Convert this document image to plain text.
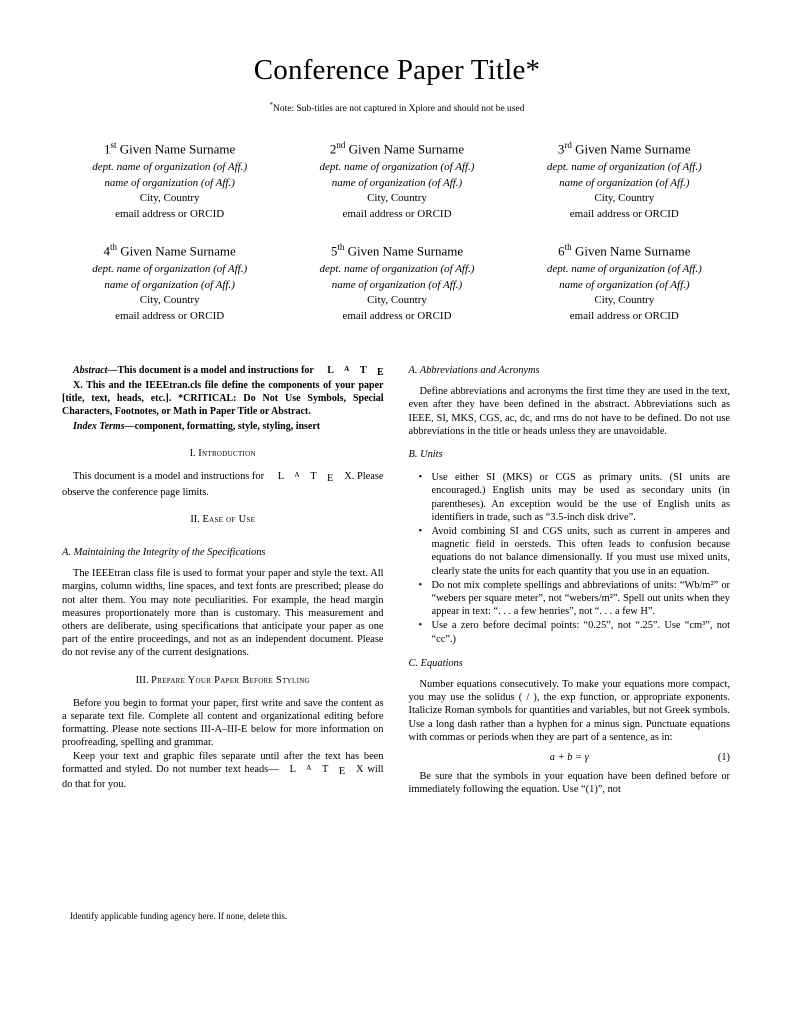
Conference Paper Title*
*Note: Sub-titles are not captured in Xplore and should not be used
1st Given Name Surname
dept. name of organization (of Aff.)
name of organization (of Aff.)
City, Country
email address or ORCID
2nd Given Name Surname
dept. name of organization (of Aff.)
name of organization (of Aff.)
City, Country
email address or ORCID
3rd Given Name Surname
dept. name of organization (of Aff.)
name of organization (of Aff.)
City, Country
email address or ORCID
4th Given Name Surname
dept. name of organization (of Aff.)
name of organization (of Aff.)
City, Country
email address or ORCID
5th Given Name Surname
dept. name of organization (of Aff.)
name of organization (of Aff.)
City, Country
email address or ORCID
6th Given Name Surname
dept. name of organization (of Aff.)
name of organization (of Aff.)
City, Country
email address or ORCID

Abstract—This document is a model and instructions for L A T EX. This and the IEEEtran.cls file define the components of your paper [title, text, heads, etc.]. *CRITICAL: Do Not Use Symbols, Special Characters, Footnotes, or Math in Paper Title or Abstract.

Index Terms—component, formatting, style, styling, insert

I. Introduction

This document is a model and instructions for L A T E X. Please observe the conference page limits.

II. Ease of Use
A. Maintaining the Integrity of the Specifications

The IEEEtran class file is used to format your paper and style the text. All margins, column widths, line spaces, and text fonts are prescribed; please do not alter them. You may note peculiarities. For example, the head margin measures proportionately more than is customary. This measurement and others are deliberate, using specifications that anticipate your paper as one part of the entire proceedings, and not as an independent document. Please do not revise any of the current designations.

III. Prepare Your Paper Before Styling

Before you begin to format your paper, first write and save the content as a separate text file. Complete all content and organizational editing before formatting. Please note sections III-A–III-E below for more information on proofreading, spelling and grammar.

Keep your text and graphic files separate until after the text has been formatted and styled. Do not number text heads— L A T E X will do that for you.

Identify applicable funding agency here. If none, delete this.

A. Abbreviations and Acronyms

Define abbreviations and acronyms the first time they are used in the text, even after they have been defined in the abstract. Abbreviations such as IEEE, SI, MKS, CGS, ac, dc, and rms do not have to be defined. Do not use abbreviations in the title or heads unless they are unavoidable.

B. Units
• Use either SI (MKS) or CGS as primary units. (SI units are encouraged.) English units may be used as secondary units (in parentheses). An exception would be the use of English units as identifiers in trade, such as “3.5-inch disk drive”.
• Avoid combining SI and CGS units, such as current in amperes and magnetic field in oersteds. This often leads to confusion because equations do not balance dimensionally. If you must use mixed units, clearly state the units for each quantity that you use in an equation.
• Do not mix complete spellings and abbreviations of units: “Wb/m²” or “webers per square meter”, not “webers/m²”. Spell out units when they appear in text: “. . . a few henries”, not “. . . a few H”.
• Use a zero before decimal points: “0.25”, not “.25”. Use “cm³”, not “cc”.)
C. Equations

Number equations consecutively. To make your equations more compact, you may use the solidus ( / ), the exp function, or appropriate exponents. Italicize Roman symbols for quantities and variables, but not Greek symbols. Use a long dash rather than a hyphen for a minus sign. Punctuate equations with commas or periods when they are part of a sentence, as in:

a + b = γ	(1)

Be sure that the symbols in your equation have been defined before or immediately following the equation. Use “(1)”, not
